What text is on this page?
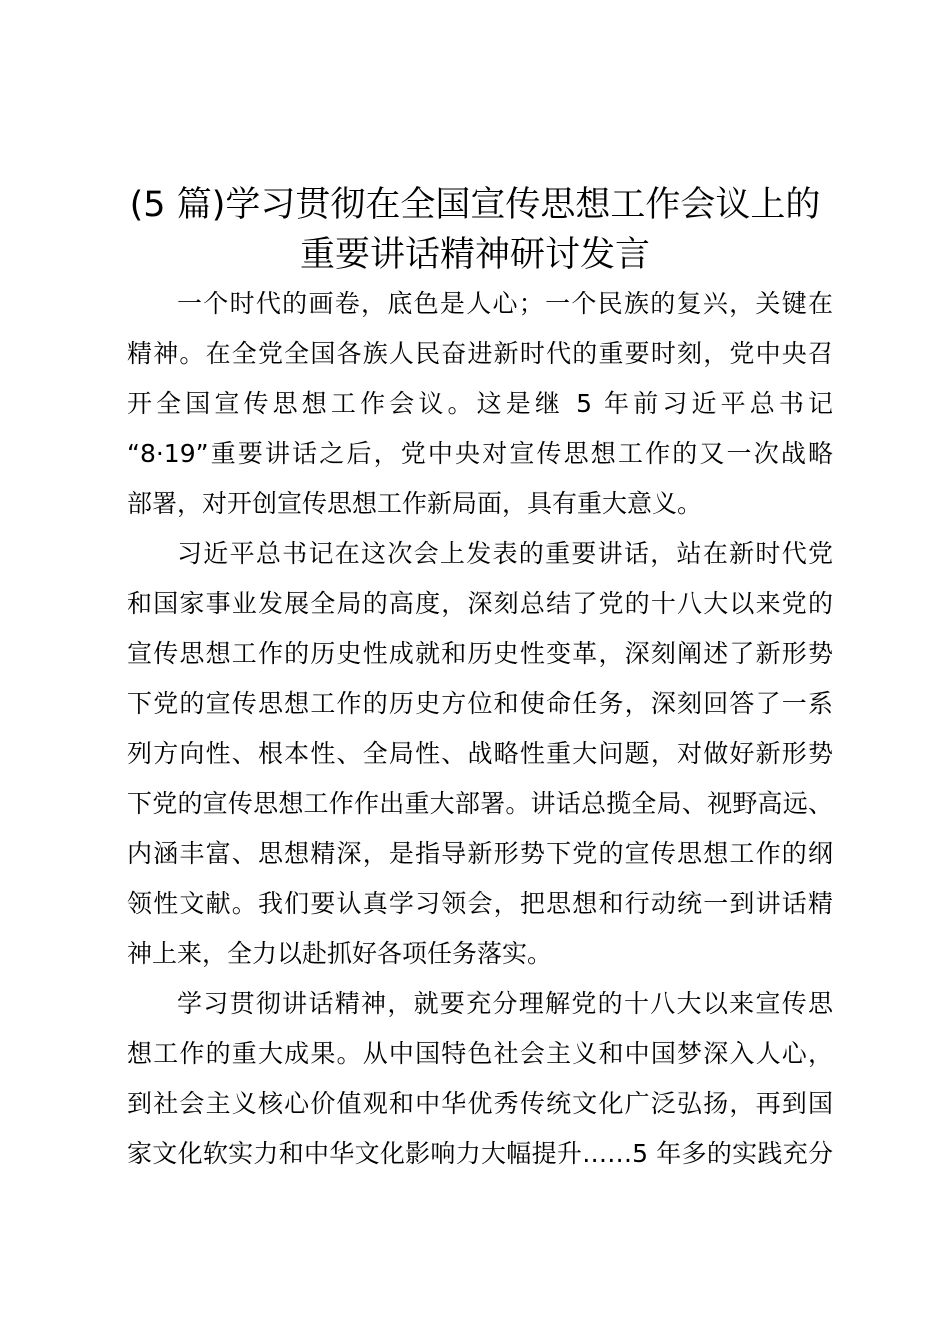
(5 篇)学习贯彻在全国宣传思想工作会议上的
重要讲话精神研讨发言
一个时代的画卷，底色是人心；一个民族的复兴，关键在
精神。在全党全国各族人民奋进新时代的重要时刻，党中央召
开全国宣传思想工作会议。这是继 5 年前习近平总书记
“8·19”重要讲话之后，党中央对宣传思想工作的又一次战略
部署，对开创宣传思想工作新局面，具有重大意义。
习近平总书记在这次会上发表的重要讲话，站在新时代党
和国家事业发展全局的高度，深刻总结了党的十八大以来党的
宣传思想工作的历史性成就和历史性变革，深刻阐述了新形势
下党的宣传思想工作的历史方位和使命任务，深刻回答了一系
列方向性、根本性、全局性、战略性重大问题，对做好新形势
下党的宣传思想工作作出重大部署。讲话总揽全局、视野高远、
内涵丰富、思想精深，是指导新形势下党的宣传思想工作的纲
领性文献。我们要认真学习领会，把思想和行动统一到讲话精
神上来，全力以赴抓好各项任务落实。
学习贯彻讲话精神，就要充分理解党的十八大以来宣传思
想工作的重大成果。从中国特色社会主义和中国梦深入人心，
到社会主义核心价值观和中华优秀传统文化广泛弘扬，再到国
家文化软实力和中华文化影响力大幅提升……5 年多的实践充分
